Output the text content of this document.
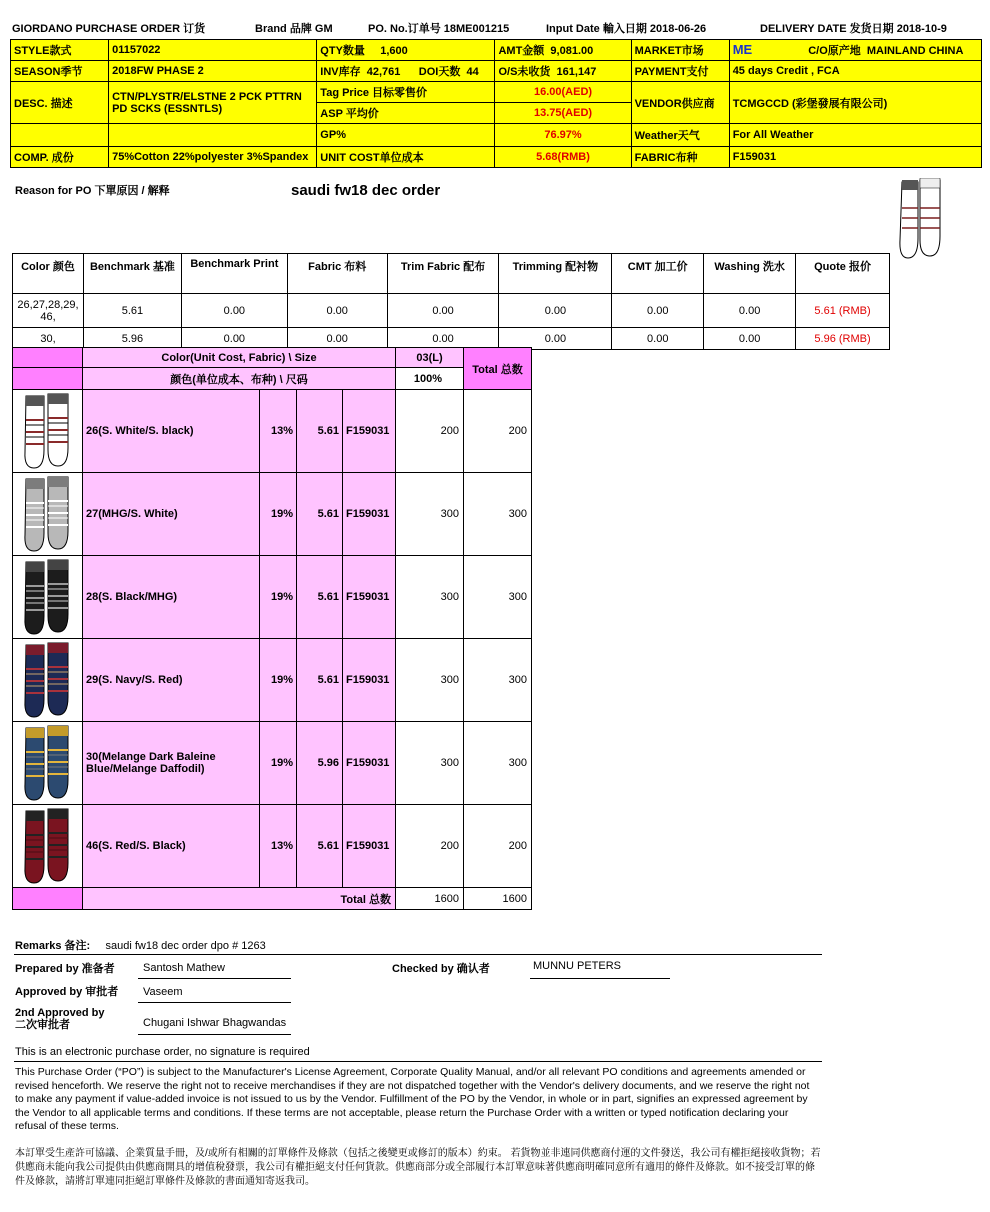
GIORDANO PURCHASE ORDER 订货	Brand 品牌 GM	PO. No.订单号 18ME001215	Input Date 輸入日期 2018-06-26	DELIVERY DATE 发货日期 2018-10-9
STYLE款式	01157022	QTY数量 1,600	AMT金额 9,081.00	MARKET市场	ME C/O原产地 MAINLAND CHINA
SEASON季节	2018FW PHASE 2	INV库存 42,761 DOI天数 44	O/S未收货 161,147	PAYMENT支付	45 days Credit , FCA
DESC. 描述	CTN/PLYSTR/ELSTNE 2 PCK PTTRN PD SCKS (ESSNTLS)	Tag Price 目标零售价	16.00(AED)	VENDOR供应商	TCMGCCD (彩堡發展有限公司)
		ASP 平均价	13.75(AED)		
		GP%	76.97%	Weather天气	For All Weather
COMP. 成份	75%Cotton 22%polyester 3%Spandex	UNIT COST单位成本	5.68(RMB)	FABRIC布种	F159031
Reason for PO 下單原因 / 解释	saudi fw18 dec order
Color 颜色	Benchmark 基准	Benchmark Print	Fabric 布料	Trim Fabric 配布	Trimming 配衬物	CMT 加工价	Washing 洗水	Quote 报价
26,27,28,29, 46,	5.61	0.00	0.00	0.00	0.00	0.00	0.00	5.61 (RMB)
30,	5.96	0.00	0.00	0.00	0.00	0.00	0.00	5.96 (RMB)
	Color(Unit Cost, Fabric) \ Size				03(L)	Total 总数
	颜色(单位成本、布种) \ 尺码				100%	

	26(S. White/S. black)	13%	5.61	F159031	200	200

	27(MHG/S. White)	19%	5.61	F159031	300	300

	28(S. Black/MHG)	19%	5.61	F159031	300	300

	29(S. Navy/S. Red)	19%	5.61	F159031	300	300

	30(Melange Dark Baleine Blue/Melange Daffodil)	19%	5.96	F159031	300	300

	46(S. Red/S. Black)	13%	5.61	F159031	200	200
	Total 总数				1600	1600
Remarks 备注: saudi fw18 dec order dpo # 1263
Prepared by 准备者	Santosh Mathew	Checked by 确认者	MUNNU PETERS
Approved by 审批者 Vaseem
2nd Approved by
二次审批者	Chugani Ishwar Bhagwandas
This is an electronic purchase order, no signature is required
This Purchase Order (“PO”) is subject to the Manufacturer's License Agreement, Corporate Quality Manual, and/or all relevant PO conditions and agreements amended or revised henceforth. We reserve the right not to receive merchandises if they are not dispatched together with the Vendor's delivery documents, and we reserve the right not to make any payment if value-added invoice is not issued to us by the Vendor. Fulfillment of the PO by the Vendor, in whole or in part, signifies an expressed agreement by the Vendor to all applicable terms and conditions. If these terms are not acceptable, please return the Purchase Order with a written or typed notification declaring your refusal of these terms.
本訂單受生產許可協議、企業質量手冊，及/或所有相關的訂單條件及條款（包括之後變更或修訂的版本）約束。 若貨物並非連同供應商付運的文件發送，我公司有權拒絕接收貨物；若供應商未能向我公司提供由供應商開具的增值稅發票，我公司有權拒絕支付任何貨款。供應商部分或全部履行本訂單意味著供應商明確同意所有適用的條件及條款。如不接受訂單的條件及條款，請將訂單連同拒絕訂單條件及條款的書面通知寄返我司。
